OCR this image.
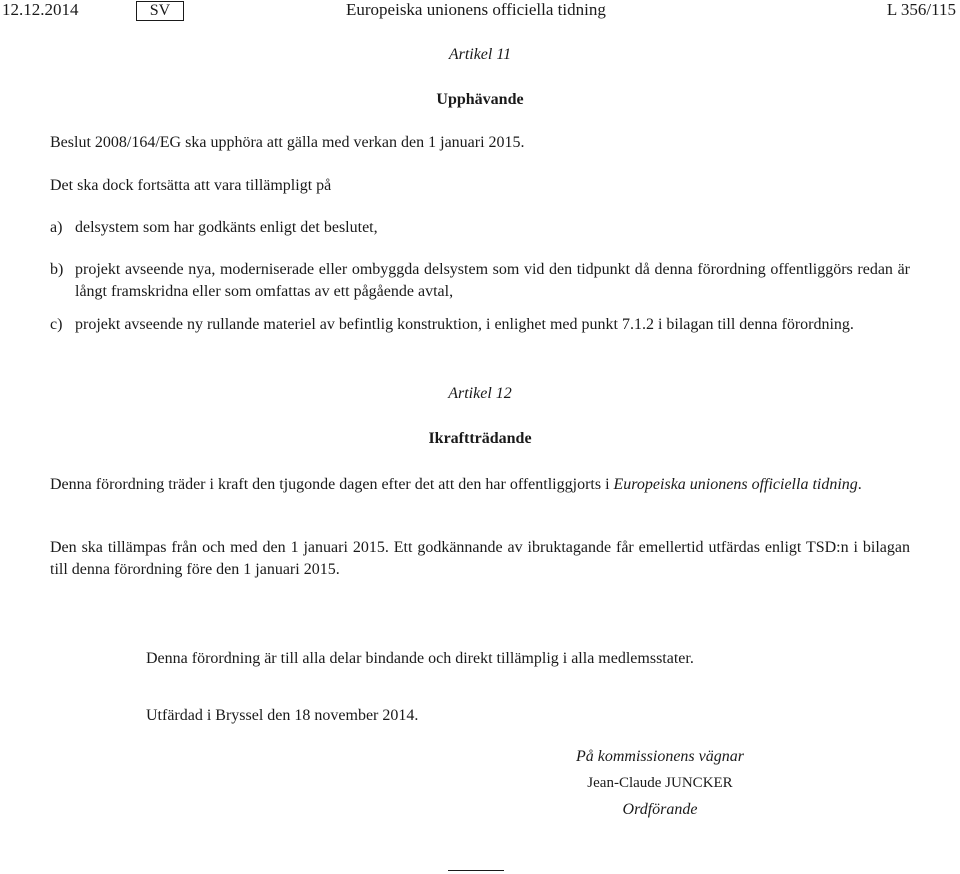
12.12.2014	SV	Europeiska unionens officiella tidning	L 356/115
Artikel 11
Upphävande
Beslut 2008/164/EG ska upphöra att gälla med verkan den 1 januari 2015.
Det ska dock fortsätta att vara tillämpligt på
a) delsystem som har godkänts enligt det beslutet,
b) projekt avseende nya, moderniserade eller ombyggda delsystem som vid den tidpunkt då denna förordning offentliggörs redan är långt framskridna eller som omfattas av ett pågående avtal,
c) projekt avseende ny rullande materiel av befintlig konstruktion, i enlighet med punkt 7.1.2 i bilagan till denna förordning.
Artikel 12
Ikraftträdande
Denna förordning träder i kraft den tjugonde dagen efter det att den har offentliggjorts i Europeiska unionens officiella tidning.
Den ska tillämpas från och med den 1 januari 2015. Ett godkännande av ibruktagande får emellertid utfärdas enligt TSD:n i bilagan till denna förordning före den 1 januari 2015.
Denna förordning är till alla delar bindande och direkt tillämplig i alla medlemsstater.
Utfärdad i Bryssel den 18 november 2014.
På kommissionens vägnar
Jean-Claude JUNCKER
Ordförande
